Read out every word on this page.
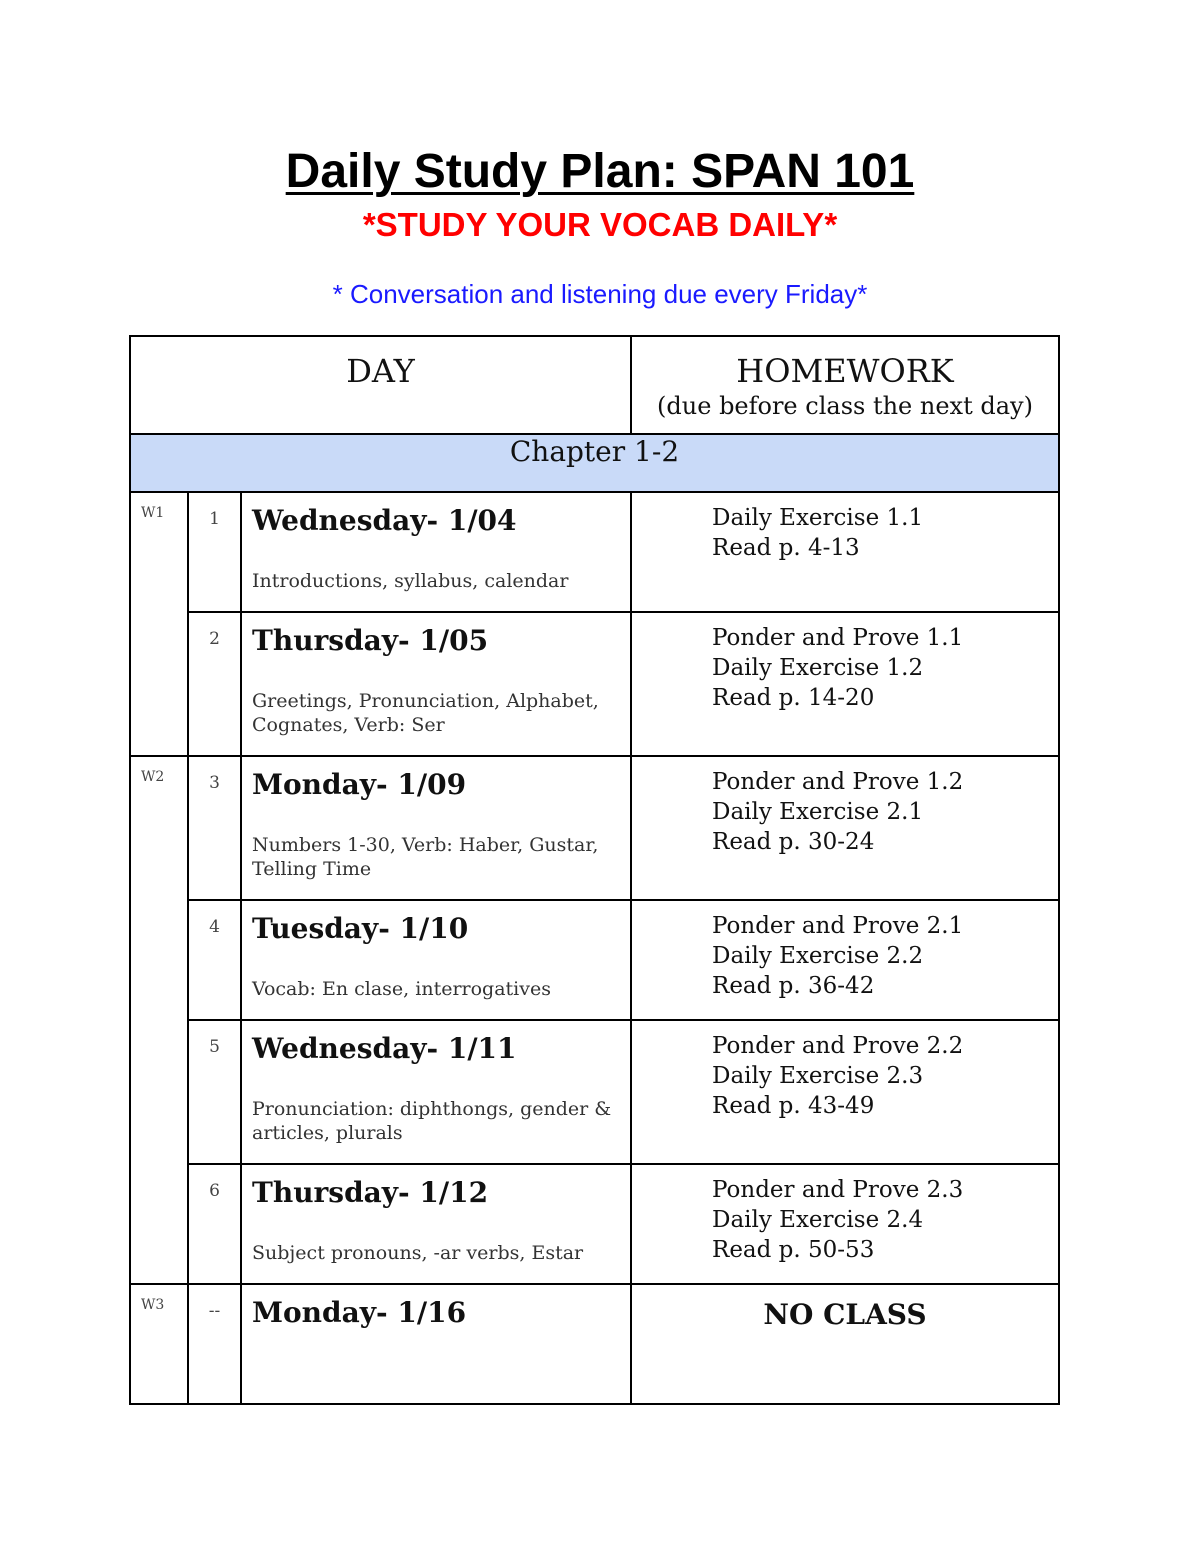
Daily Study Plan: SPAN 101
*STUDY YOUR VOCAB DAILY*
* Conversation and listening due every Friday*
DAY			HOMEWORK
(due before class the next day)

Chapter 1-2			
W1	1	Wednesday- 1/04
Introductions, syllabus, calendar	Daily Exercise 1.1
Read p. 4-13

	2	Thursday- 1/05
Greetings, Pronunciation, Alphabet, Cognates, Verb: Ser	Ponder and Prove 1.1
Daily Exercise 1.2
Read p. 14-20

W2	3	Monday- 1/09
Numbers 1-30, Verb: Haber, Gustar, Telling Time	Ponder and Prove 1.2
Daily Exercise 2.1
Read p. 30-24

	4	Tuesday- 1/10
Vocab: En clase, interrogatives	Ponder and Prove 2.1
Daily Exercise 2.2
Read p. 36-42

	5	Wednesday- 1/11
Pronunciation: diphthongs, gender & articles, plurals	Ponder and Prove 2.2
Daily Exercise 2.3
Read p. 43-49

	6	Thursday- 1/12
Subject pronouns, -ar verbs, Estar	Ponder and Prove 2.3
Daily Exercise 2.4
Read p. 50-53

W3	--	Monday- 1/16	NO CLASS
